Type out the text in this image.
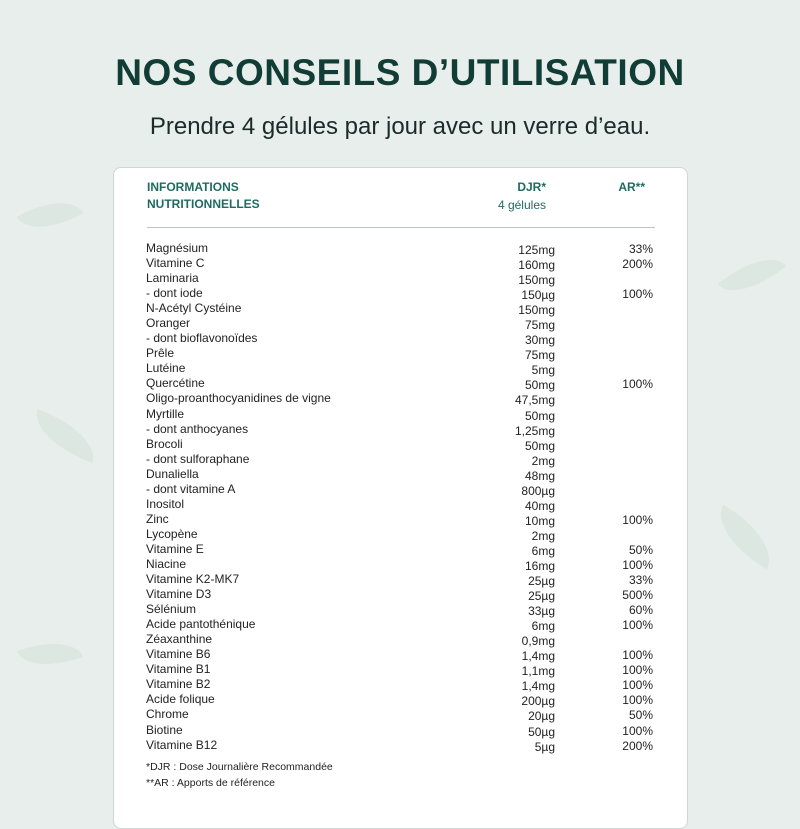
NOS CONSEILS D’UTILISATION
Prendre 4 gélules par jour avec un verre d’eau.
INFORMATIONS
NUTRITIONNELLES
DJR*
4 gélules
AR**
Magnésium	125mg	33%
Vitamine C	160mg	200%
Laminaria	150mg
- dont iode	150µg	100%
N-Acétyl Cystéine	150mg
Oranger	75mg
- dont bioflavonoïdes	30mg
Prêle	75mg
Lutéine	5mg
Quercétine	50mg	100%
Oligo-proanthocyanidines de vigne	47,5mg
Myrtille	50mg
- dont anthocyanes	1,25mg
Brocoli	50mg
- dont sulforaphane	2mg
Dunaliella	48mg
- dont vitamine A	800µg
Inositol	40mg
Zinc	10mg	100%
Lycopène	2mg
Vitamine E	6mg	50%
Niacine	16mg	100%
Vitamine K2-MK7	25µg	33%
Vitamine D3	25µg	500%
Sélénium	33µg	60%
Acide pantothénique	6mg	100%
Zéaxanthine	0,9mg
Vitamine B6	1,4mg	100%
Vitamine B1	1,1mg	100%
Vitamine B2	1,4mg	100%
Acide folique	200µg	100%
Chrome	20µg	50%
Biotine	50µg	100%
Vitamine B12	5µg	200%
*DJR : Dose Journalière Recommandée
**AR : Apports de référence
